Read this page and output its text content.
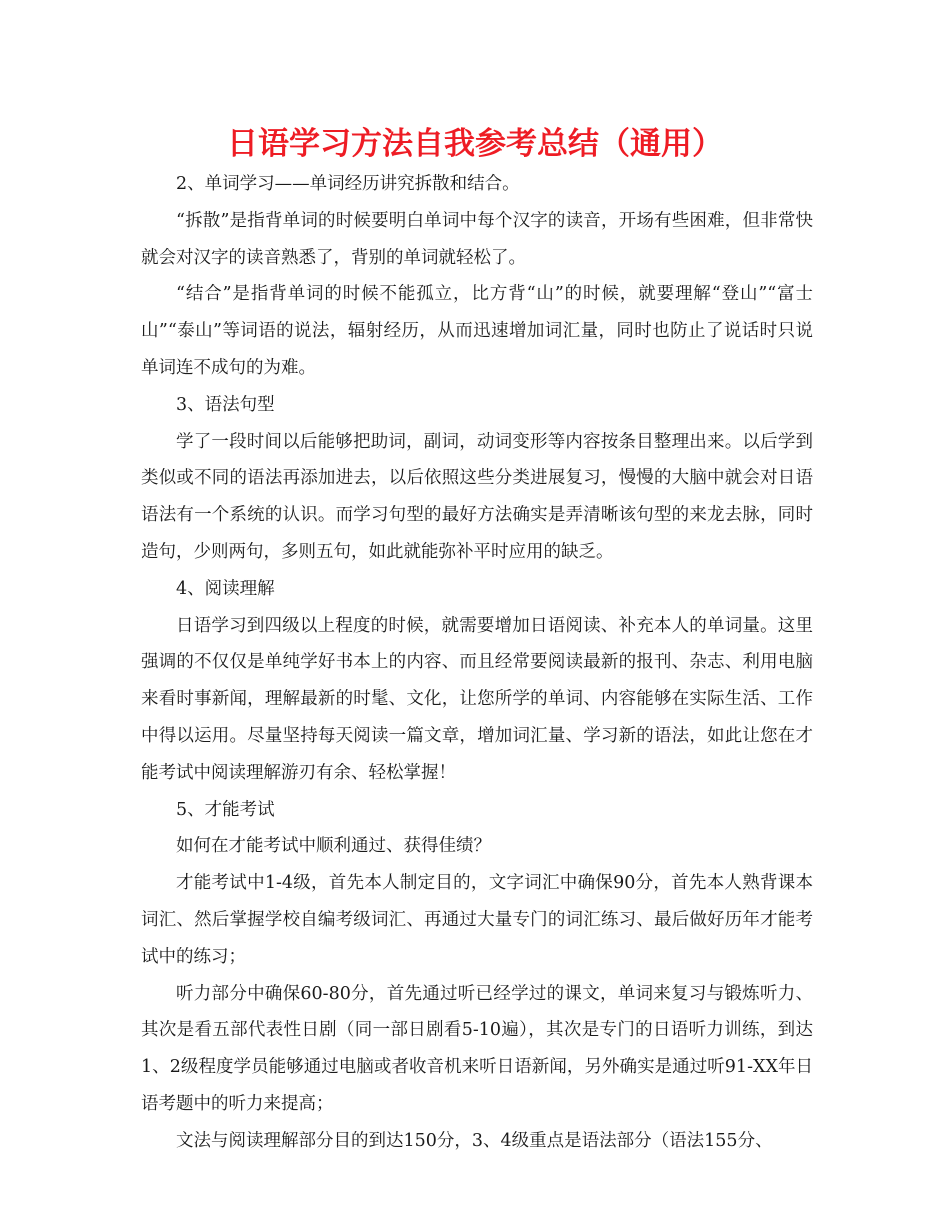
日语学习方法自我参考总结（通用）

2、单词学习——单词经历讲究拆散和结合。

“拆散”是指背单词的时候要明白单词中每个汉字的读音，开场有些困难，但非常快就会对汉字的读音熟悉了，背别的单词就轻松了。

“结合”是指背单词的时候不能孤立，比方背“山”的时候，就要理解“登山”“富士山”“泰山”等词语的说法，辐射经历，从而迅速增加词汇量，同时也防止了说话时只说单词连不成句的为难。

3、语法句型

学了一段时间以后能够把助词，副词，动词变形等内容按条目整理出来。以后学到类似或不同的语法再添加进去，以后依照这些分类进展复习，慢慢的大脑中就会对日语语法有一个系统的认识。而学习句型的最好方法确实是弄清晰该句型的来龙去脉，同时造句，少则两句，多则五句，如此就能弥补平时应用的缺乏。

4、阅读理解

日语学习到四级以上程度的时候，就需要增加日语阅读、补充本人的单词量。这里强调的不仅仅是单纯学好书本上的内容、而且经常要阅读最新的报刊、杂志、利用电脑来看时事新闻，理解最新的时髦、文化，让您所学的单词、内容能够在实际生活、工作中得以运用。尽量坚持每天阅读一篇文章，增加词汇量、学习新的语法，如此让您在才能考试中阅读理解游刃有余、轻松掌握！

5、才能考试

如何在才能考试中顺利通过、获得佳绩？

才能考试中1-4级，首先本人制定目的，文字词汇中确保90分，首先本人熟背课本词汇、然后掌握学校自编考级词汇、再通过大量专门的词汇练习、最后做好历年才能考试中的练习；

听力部分中确保60-80分，首先通过听已经学过的课文，单词来复习与锻炼听力、其次是看五部代表性日剧（同一部日剧看5-10遍），其次是专门的日语听力训练，到达1、2级程度学员能够通过电脑或者收音机来听日语新闻，另外确实是通过听91-XX年日语考题中的听力来提高；

文法与阅读理解部分目的到达150分，3、4级重点是语法部分（语法155分、
